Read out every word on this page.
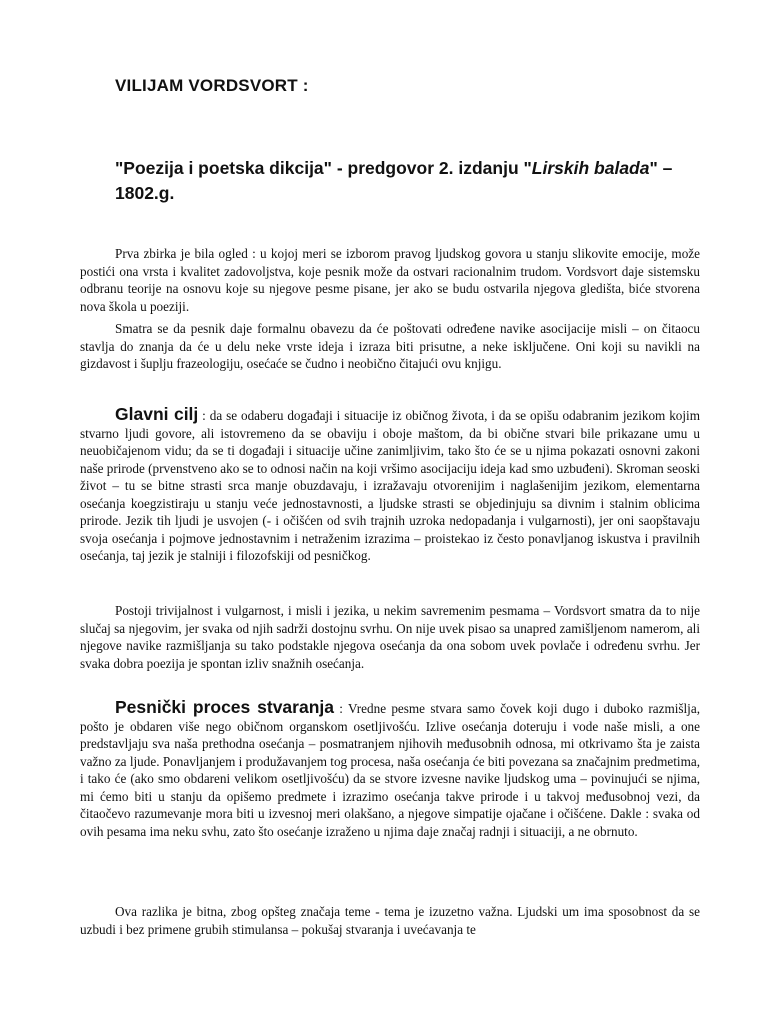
VILIJAM VORDSVORT :
"Poezija i poetska dikcija" - predgovor 2. izdanju "Lirskih balada" – 1802.g.

Prva zbirka je bila ogled : u kojoj meri se izborom pravog ljudskog govora u stanju slikovite emocije, može postići ona vrsta i kvalitet zadovoljstva, koje pesnik može da ostvari racionalnim trudom. Vordsvort daje sistemsku odbranu teorije na osnovu koje su njegove pesme pisane, jer ako se budu ostvarila njegova gledišta, biće stvorena nova škola u poeziji.

Smatra se da pesnik daje formalnu obavezu da će poštovati određene navike asocijacije misli – on čitaocu stavlja do znanja da će u delu neke vrste ideja i izraza biti prisutne, a neke isključene. Oni koji su navikli na gizdavost i šuplju frazeologiju, osećaće se čudno i neobično čitajući ovu knjigu.

Glavni cilj : da se odaberu događaji i situacije iz običnog života, i da se opišu odabranim jezikom kojim stvarno ljudi govore, ali istovremeno da se obaviju i oboje maštom, da bi obične stvari bile prikazane umu u neuobičajenom vidu; da se ti događaji i situacije učine zanimljivim, tako što će se u njima pokazati osnovni zakoni naše prirode (prvenstveno ako se to odnosi način na koji vršimo asocijaciju ideja kad smo uzbuđeni). Skroman seoski život – tu se bitne strasti srca manje obuzdavaju, i izražavaju otvorenijim i naglašenijim jezikom, elementarna osećanja koegzistiraju u stanju veće jednostavnosti, a ljudske strasti se objedinjuju sa divnim i stalnim oblicima prirode. Jezik tih ljudi je usvojen (- i očišćen od svih trajnih uzroka nedopadanja i vulgarnosti), jer oni saopštavaju svoja osećanja i pojmove jednostavnim i netraženim izrazima – proistekao iz često ponavljanog iskustva i pravilnih osećanja, taj jezik je stalniji i filozofskiji od pesničkog.

Postoji trivijalnost i vulgarnost, i misli i jezika, u nekim savremenim pesmama – Vordsvort smatra da to nije slučaj sa njegovim, jer svaka od njih sadrži dostojnu svrhu. On nije uvek pisao sa unapred zamišljenom namerom, ali njegove navike razmišljanja su tako podstakle njegova osećanja da ona sobom uvek povlače i određenu svrhu. Jer svaka dobra poezija je spontan izliv snažnih osećanja.

Pesnički proces stvaranja : Vredne pesme stvara samo čovek koji dugo i duboko razmišlja, pošto je obdaren više nego običnom organskom osetljivošću. Izlive osećanja doteruju i vode naše misli, a one predstavljaju sva naša prethodna osećanja – posmatranjem njihovih međusobnih odnosa, mi otkrivamo šta je zaista važno za ljude. Ponavljanjem i produžavanjem tog procesa, naša osećanja će biti povezana sa značajnim predmetima, i tako će (ako smo obdareni velikom osetljivošću) da se stvore izvesne navike ljudskog uma – povinujući se njima, mi ćemo biti u stanju da opišemo predmete i izrazimo osećanja takve prirode i u takvoj međusobnoj vezi, da čitaočevo razumevanje mora biti u izvesnoj meri olakšano, a njegove simpatije ojačane i očišćene. Dakle : svaka od ovih pesama ima neku svhu, zato što osećanje izraženo u njima daje značaj radnji i situaciji, a ne obrnuto.

Ova razlika je bitna, zbog opšteg značaja teme - tema je izuzetno važna. Ljudski um ima sposobnost da se uzbudi i bez primene grubih stimulansa – pokušaj stvaranja i uvećavanja te
